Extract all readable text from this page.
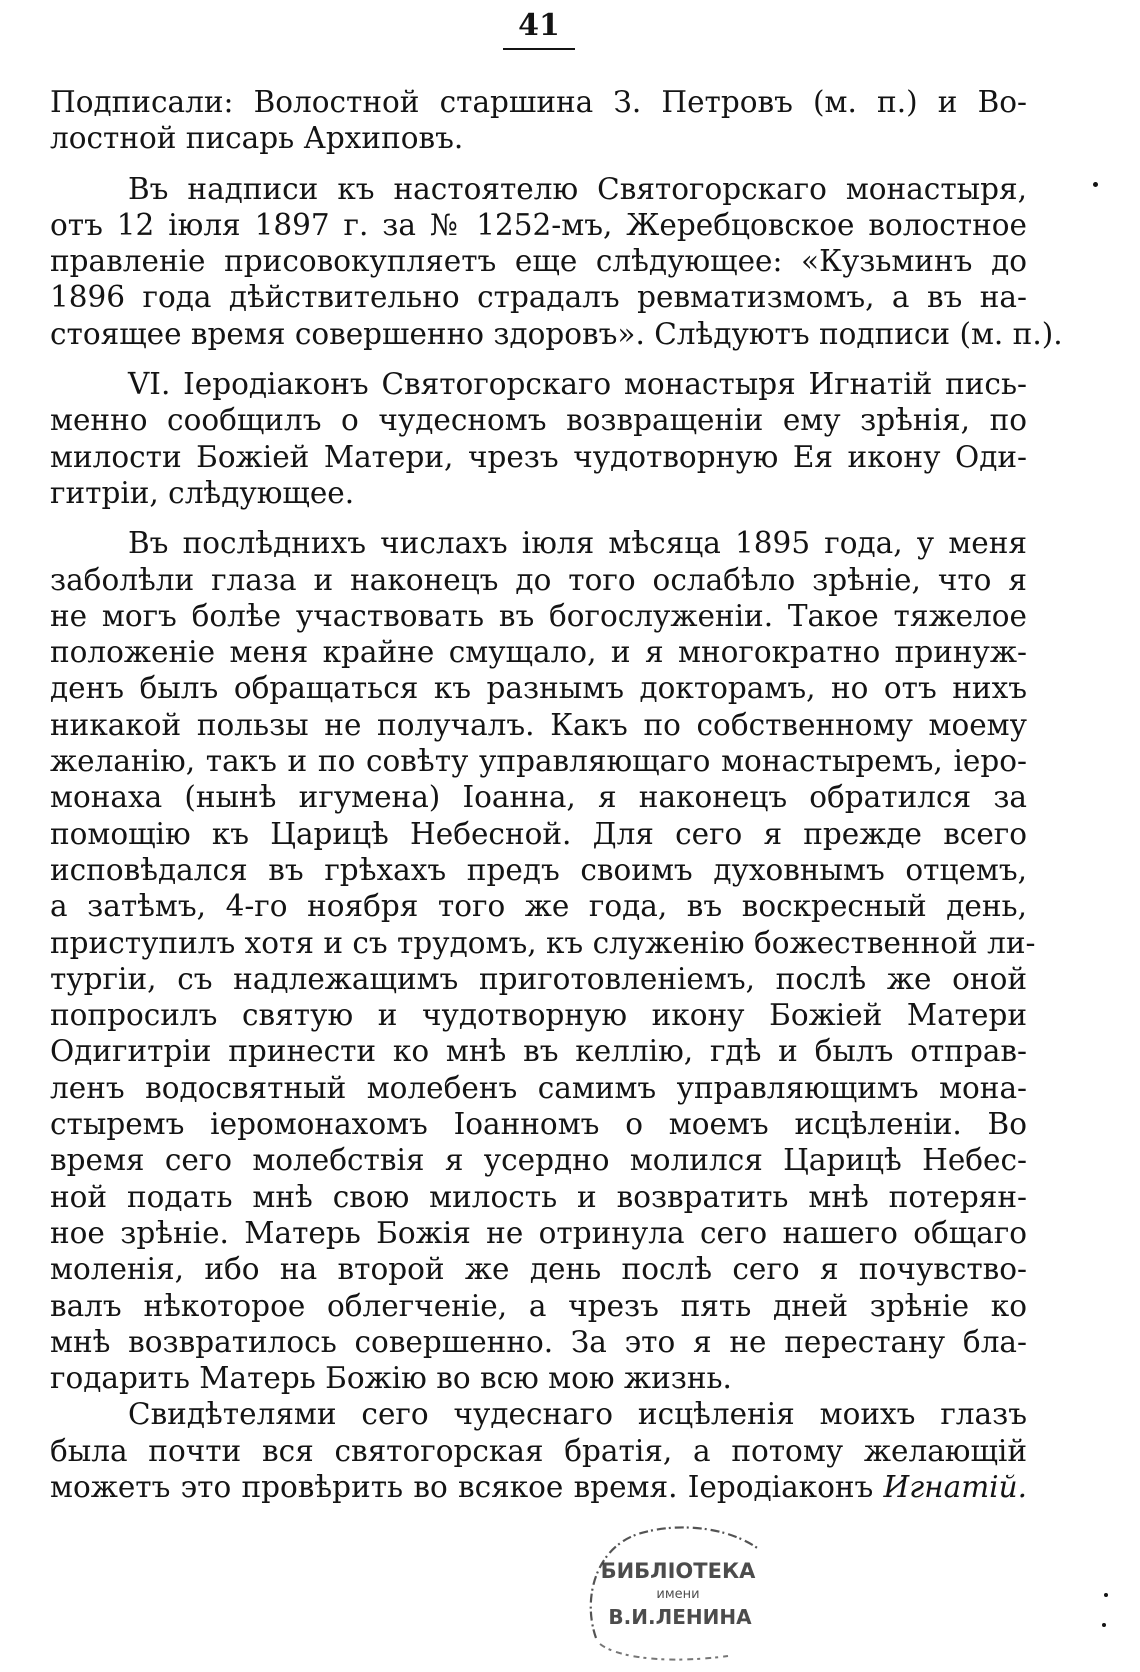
41
Подписали: Волостной старшина З. Петровъ (м. п.) и Во-
лостной писарь Архиповъ.
Въ надписи къ настоятелю Святогорскаго монастыря,
отъ 12 іюля 1897 г. за № 1252-мъ, Жеребцовское волостное
правленіе присовокупляетъ еще слѣдующее: «Кузьминъ до
1896 года дѣйствительно страдалъ ревматизмомъ, а въ на-
стоящее время совершенно здоровъ». Слѣдуютъ подписи (м. п.).
VI. Іеродіаконъ Святогорскаго монастыря Игнатій пись-
менно сообщилъ о чудесномъ возвращеніи ему зрѣнія, по
милости Божіей Матери, чрезъ чудотворную Ея икону Оди-
гитріи, слѣдующее.
Въ послѣднихъ числахъ іюля мѣсяца 1895 года, у меня
заболѣли глаза и наконецъ до того ослабѣло зрѣніе, что я
не могъ болѣе участвовать въ богослуженіи. Такое тяжелое
положеніе меня крайне смущало, и я многократно принуж-
денъ былъ обращаться къ разнымъ докторамъ, но отъ нихъ
никакой пользы не получалъ. Какъ по собственному моему
желанію, такъ и по совѣту управляющаго монастыремъ, іеро-
монаха (нынѣ игумена) Іоанна, я наконецъ обратился за
помощію къ Царицѣ Небесной. Для сего я прежде всего
исповѣдался въ грѣхахъ предъ своимъ духовнымъ отцемъ,
а затѣмъ, 4-го ноября того же года, въ воскресный день,
приступилъ хотя и съ трудомъ, къ служенію божественной ли-
тургіи, съ надлежащимъ приготовленіемъ, послѣ же оной
попросилъ святую и чудотворную икону Божіей Матери
Одигитріи принести ко мнѣ въ келлію, гдѣ и былъ отправ-
ленъ водосвятный молебенъ самимъ управляющимъ мона-
стыремъ іеромонахомъ Іоанномъ о моемъ исцѣленіи. Во
время сего молебствія я усердно молился Царицѣ Небес-
ной подать мнѣ свою милость и возвратить мнѣ потерян-
ное зрѣніе. Матерь Божія не отринула сего нашего общаго
моленія, ибо на второй же день послѣ сего я почувство-
валъ нѣкоторое облегченіе, а чрезъ пять дней зрѣніе ко
мнѣ возвратилось совершенно. За это я не перестану бла-
годарить Матерь Божію во всю мою жизнь.
Свидѣтелями сего чудеснаго исцѣленія моихъ глазъ
была почти вся святогорская братія, а потому желающій
можетъ это провѣрить во всякое время. Іеродіаконъ Игнатій.
БИБЛІОТЕКА
имени
В.И.ЛЕНИНА
